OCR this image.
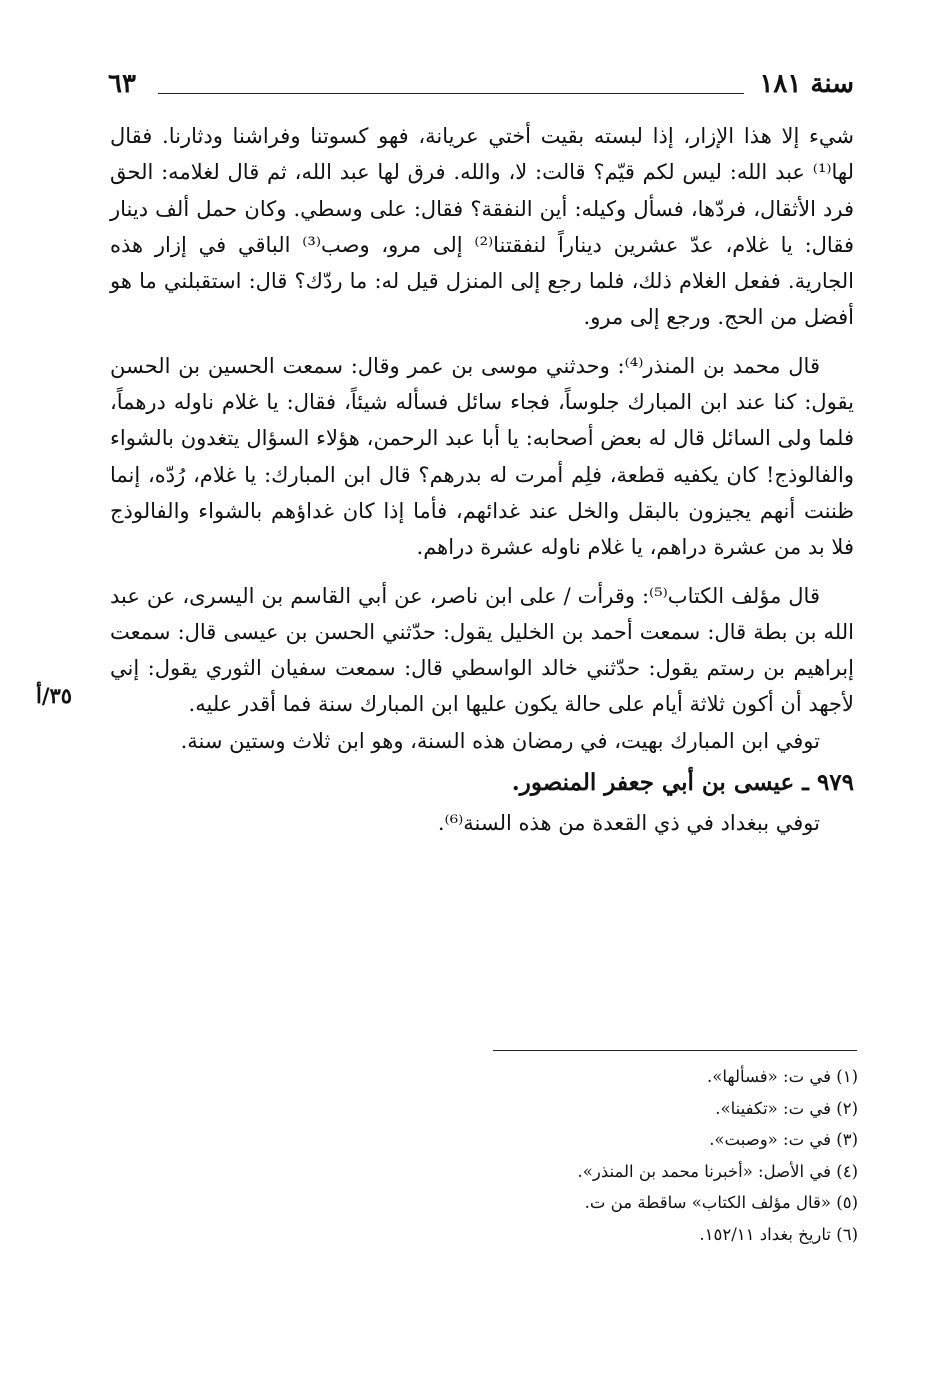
سنة ١٨١
٦٣
٣٥/أ

شيء إلا هذا الإزار، إذا لبسته بقيت أختي عريانة، فهو كسوتنا وفراشنا ودثارنا. فقال لها⁽¹⁾ عبد الله: ليس لكم قيّم؟ قالت: لا، والله. فرق لها عبد الله، ثم قال لغلامه: الحق فرد الأثقال، فردّها، فسأل وكيله: أين النفقة؟ فقال: على وسطي. وكان حمل ألف دينار فقال: يا غلام، عدّ عشرين ديناراً لنفقتنا⁽²⁾ إلى مرو، وصب⁽³⁾ الباقي في إزار هذه الجارية. ففعل الغلام ذلك، فلما رجع إلى المنزل قيل له: ما ردّك؟ قال: استقبلني ما هو أفضل من الحج. ورجع إلى مرو.

قال محمد بن المنذر⁽⁴⁾: وحدثني موسى بن عمر وقال: سمعت الحسين بن الحسن يقول: كنا عند ابن المبارك جلوساً، فجاء سائل فسأله شيئاً، فقال: يا غلام ناوله درهماً، فلما ولى السائل قال له بعض أصحابه: يا أبا عبد الرحمن، هؤلاء السؤال يتغدون بالشواء والفالوذج! كان يكفيه قطعة، فلِم أمرت له بدرهم؟ قال ابن المبارك: يا غلام، رُدّه، إنما ظننت أنهم يجيزون بالبقل والخل عند غدائهم، فأما إذا كان غداؤهم بالشواء والفالوذج فلا بد من عشرة دراهم، يا غلام ناوله عشرة دراهم.

قال مؤلف الكتاب⁽⁵⁾: وقرأت / على ابن ناصر، عن أبي القاسم بن اليسرى، عن عبد الله بن بطة قال: سمعت أحمد بن الخليل يقول: حدّثني الحسن بن عيسى قال: سمعت إبراهيم بن رستم يقول: حدّثني خالد الواسطي قال: سمعت سفيان الثوري يقول: إني لأجهد أن أكون ثلاثة أيام على حالة يكون عليها ابن المبارك سنة فما أقدر عليه.

توفي ابن المبارك بهيت، في رمضان هذه السنة، وهو ابن ثلاث وستين سنة.

٩٧٩ ـ عيسى بن أبي جعفر المنصور.

توفي ببغداد في ذي القعدة من هذه السنة⁽⁶⁾.

(١) في ت: «فسألها».
(٢) في ت: «تكفينا».
(٣) في ت: «وصبت».
(٤) في الأصل: «أخبرنا محمد بن المنذر».
(٥) «قال مؤلف الكتاب» ساقطة من ت.
(٦) تاريخ بغداد ١٥٢/١١.
